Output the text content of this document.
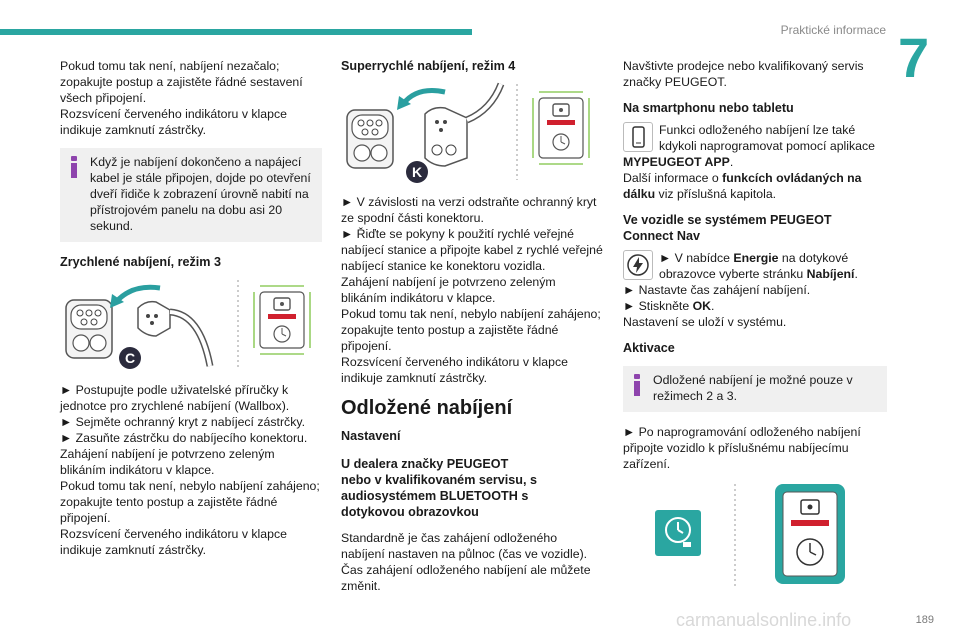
Praktické informace 7

Pokud tomu tak není, nabíjení nezačalo; zopakujte postup a zajistěte řádné sestavení všech připojení.

Rozsvícení červeného indikátoru v klapce indikuje zamknutí zástrčky.

Když je nabíjení dokončeno a napájecí kabel je stále připojen, dojde po otevření dveří řidiče k zobrazení úrovně nabití na přístrojovém panelu na dobu asi 20 sekund.
Zrychlené nabíjení, režim 3
C

► Postupujte podle uživatelské příručky k jednotce pro zrychlené nabíjení (Wallbox).

► Sejměte ochranný kryt z nabíjecí zástrčky.

► Zasuňte zástrčku do nabíjecího konektoru.

Zahájení nabíjení je potvrzeno zeleným blikáním indikátoru v klapce.

Pokud tomu tak není, nebylo nabíjení zahájeno; zopakujte tento postup a zajistěte řádné připojení.

Rozsvícení červeného indikátoru v klapce indikuje zamknutí zástrčky.

Superrychlé nabíjení, režim 4
K

► V závislosti na verzi odstraňte ochranný kryt ze spodní části konektoru.

► Řiďte se pokyny k použití rychlé veřejné nabíjecí stanice a připojte kabel z rychlé veřejné nabíjecí stanice ke konektoru vozidla.

Zahájení nabíjení je potvrzeno zeleným blikáním indikátoru v klapce.

Pokud tomu tak není, nebylo nabíjení zahájeno; zopakujte tento postup a zajistěte řádné připojení.

Rozsvícení červeného indikátoru v klapce indikuje zamknutí zástrčky.

Odložené nabíjení
Nastavení
U dealera značky PEUGEOT nebo v kvalifikovaném servisu, s audiosystémem BLUETOOTH s dotykovou obrazovkou

Standardně je čas zahájení odloženého nabíjení nastaven na půlnoc (čas ve vozidle).

Čas zahájení odloženého nabíjení ale můžete změnit.

Navštivte prodejce nebo kvalifikovaný servis značky PEUGEOT.

Na smartphonu nebo tabletu

Funkci odloženého nabíjení lze také kdykoli naprogramovat pomocí aplikace MYPEUGEOT APP.

Další informace o funkcích ovládaných na dálku viz příslušná kapitola.

Ve vozidle se systémem PEUGEOT Connect Nav

► V nabídce Energie na dotykové obrazovce vyberte stránku Nabíjení.

► Nastavte čas zahájení nabíjení.

► Stiskněte OK.

Nastavení se uloží v systému.

Aktivace
Odložené nabíjení je možné pouze v režimech 2 a 3.

► Po naprogramování odloženého nabíjení připojte vozidlo k příslušnému nabíjecímu zařízení.

carmanualsonline.info	189
